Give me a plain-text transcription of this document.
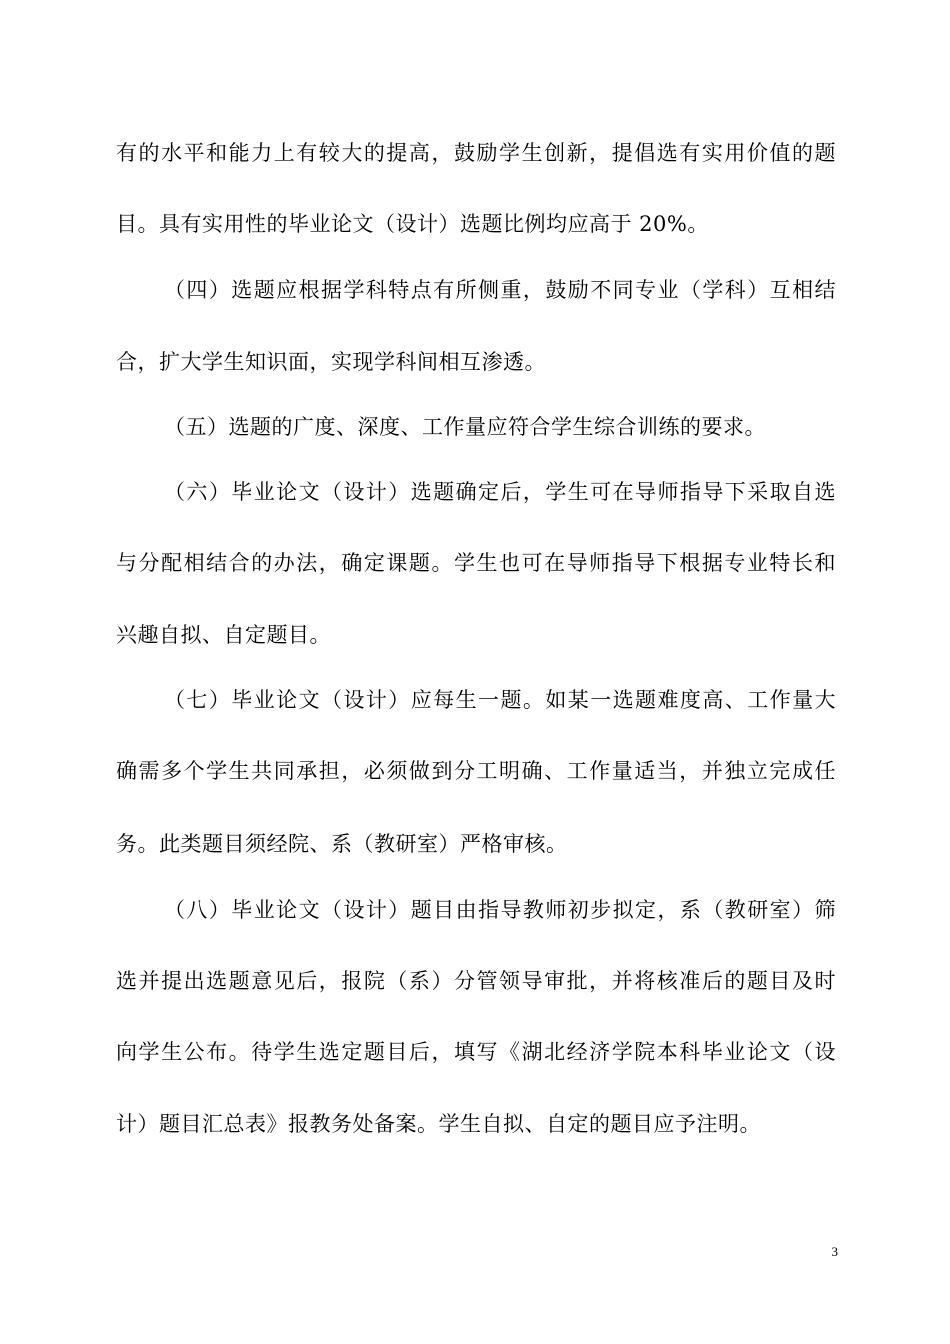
有的水平和能力上有较大的提高，鼓励学生创新，提倡选有实用价值的题
目。具有实用性的毕业论文（设计）选题比例均应高于 20%。
（四）选题应根据学科特点有所侧重，鼓励不同专业（学科）互相结
合，扩大学生知识面，实现学科间相互渗透。
（五）选题的广度、深度、工作量应符合学生综合训练的要求。
（六）毕业论文（设计）选题确定后，学生可在导师指导下采取自选
与分配相结合的办法，确定课题。学生也可在导师指导下根据专业特长和
兴趣自拟、自定题目。
（七）毕业论文（设计）应每生一题。如某一选题难度高、工作量大
确需多个学生共同承担，必须做到分工明确、工作量适当，并独立完成任
务。此类题目须经院、系（教研室）严格审核。
（八）毕业论文（设计）题目由指导教师初步拟定，系（教研室）筛
选并提出选题意见后，报院（系）分管领导审批，并将核准后的题目及时
向学生公布。待学生选定题目后，填写《湖北经济学院本科毕业论文（设
计）题目汇总表》报教务处备案。学生自拟、自定的题目应予注明。
3
